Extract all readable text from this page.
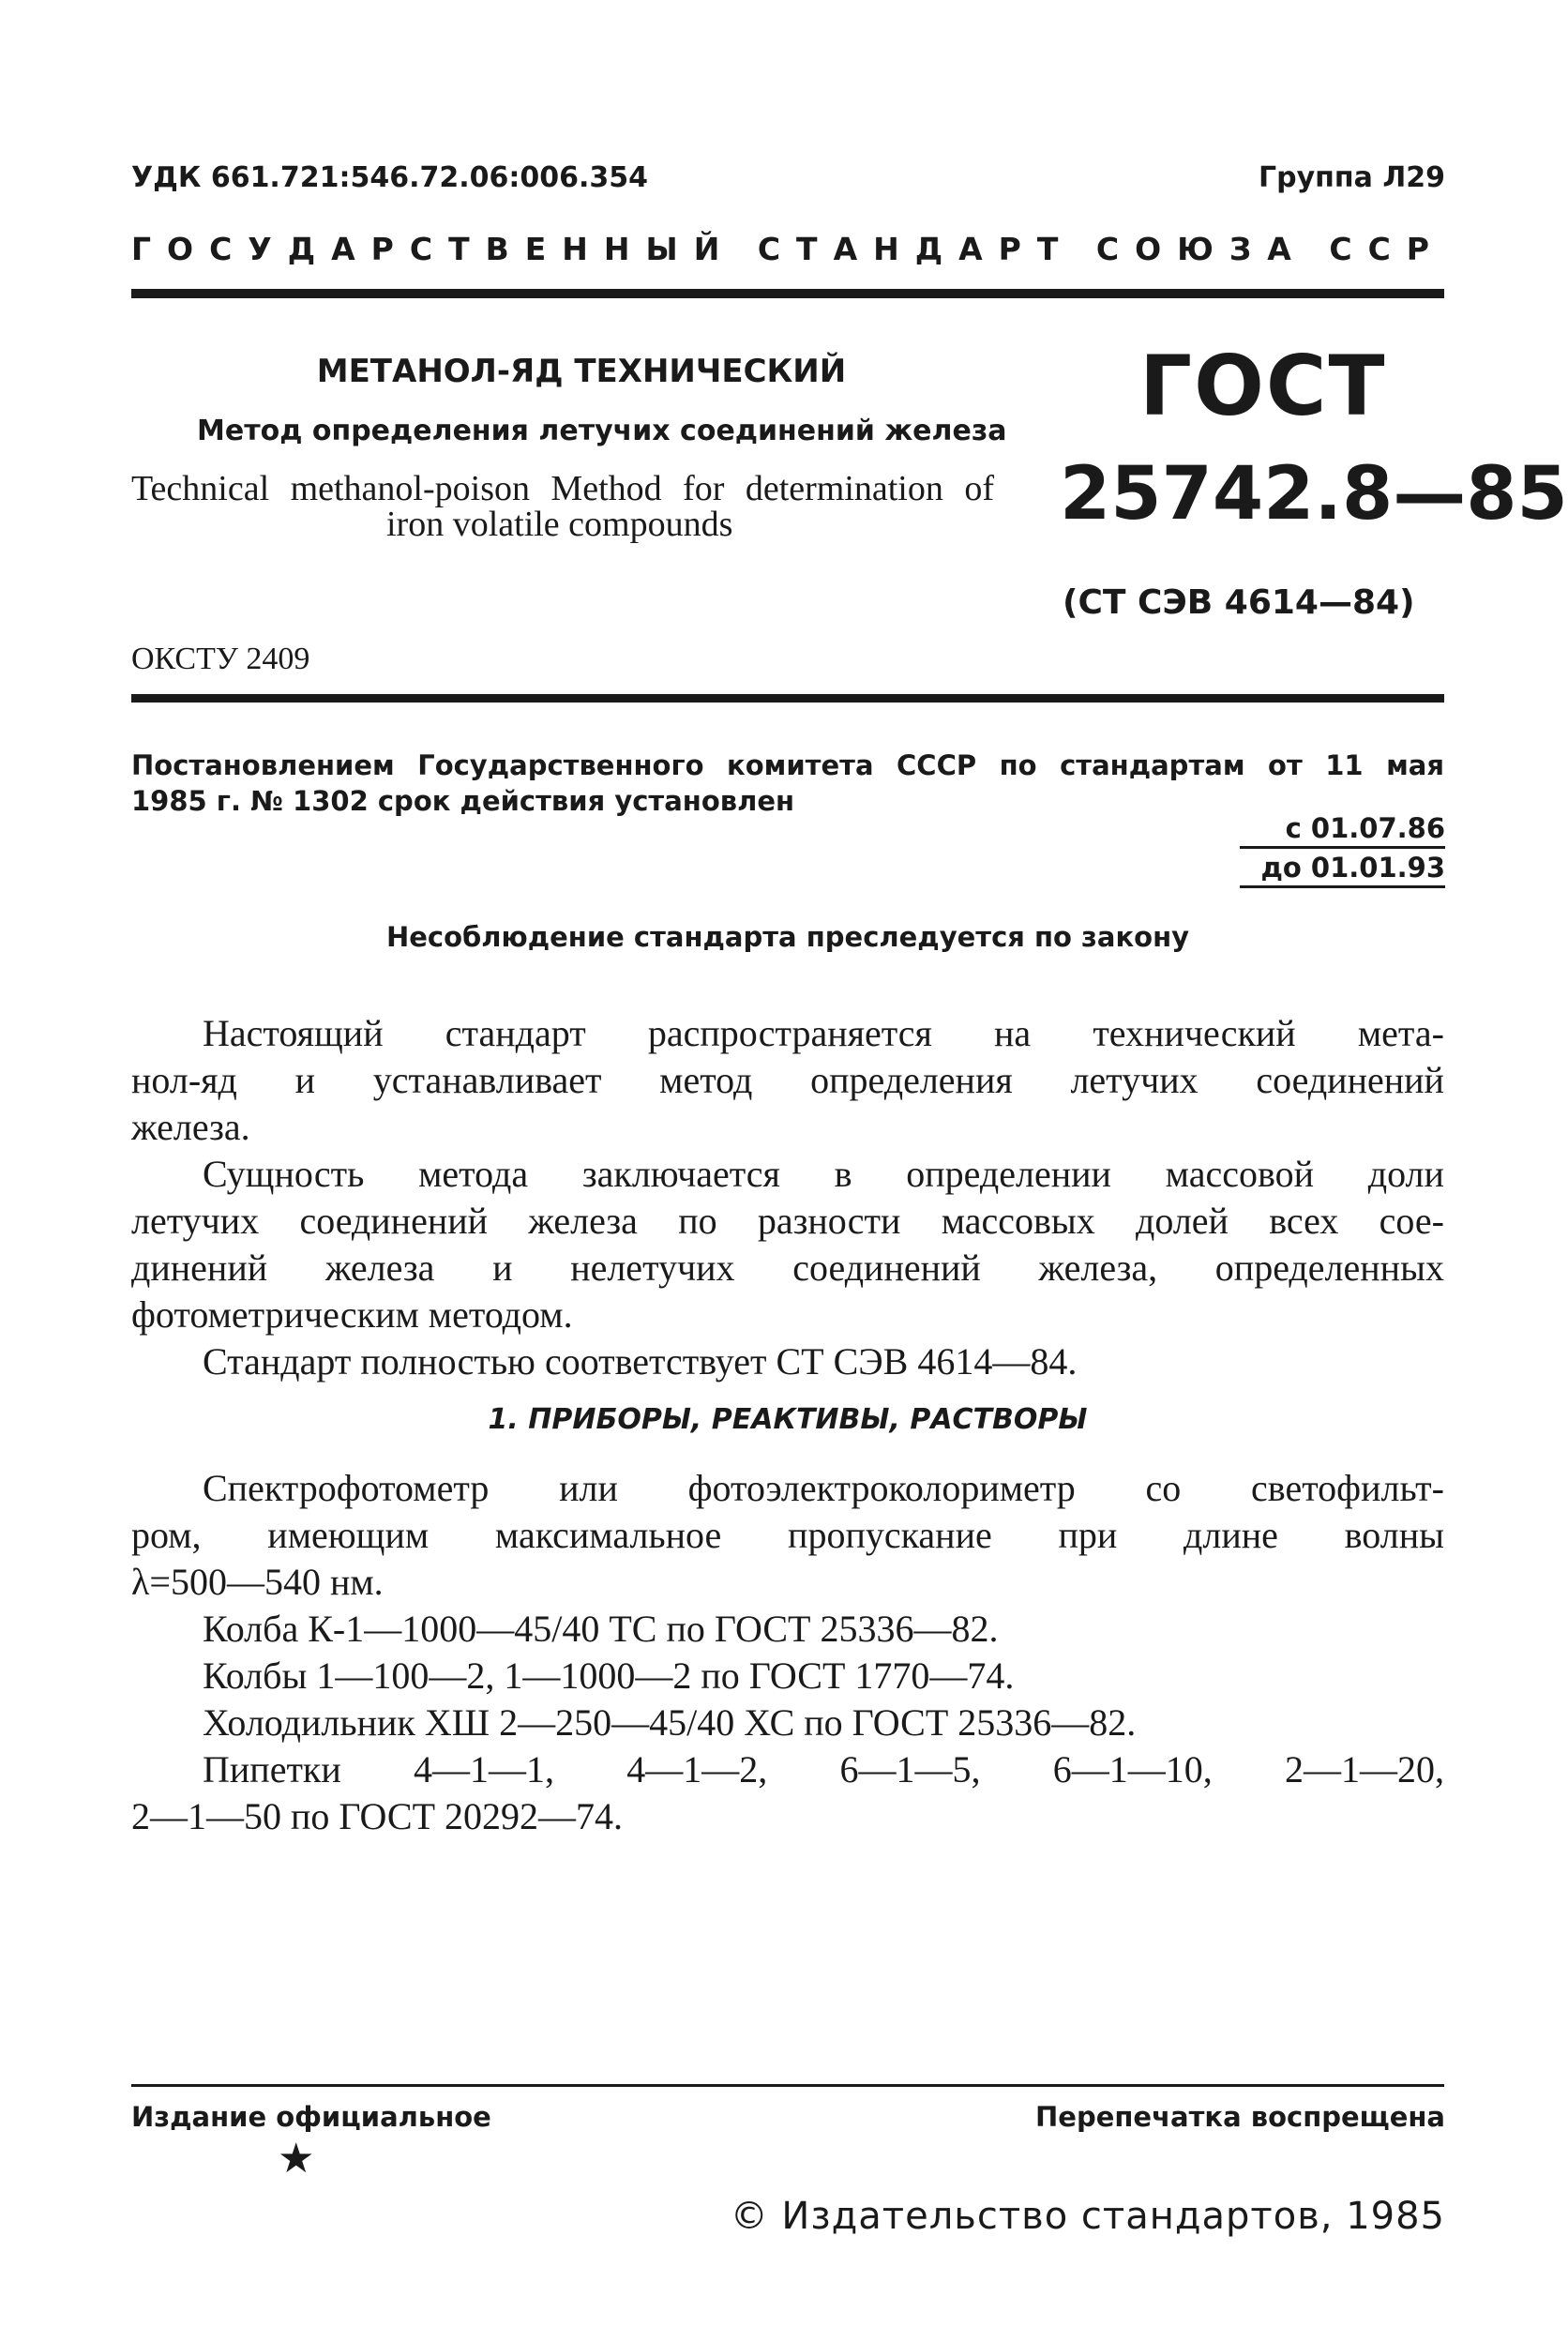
УДК 661.721:546.72.06:006.354	Группа Л29
ГОСУДАРСТВЕННЫЙ СТАНДАРТ СОЮЗА ССР
МЕТАНОЛ-ЯД ТЕХНИЧЕСКИЙ
Метод определения летучих соединений железа
Technical methanol-poison Method for determination of
iron volatile compounds
ГОСТ
25742.8—85
(СТ СЭВ 4614—84)
ОКСТУ 2409
Постановлением Государственного комитета СССР по стандартам от 11 мая
1985 г. № 1302 срок действия установлен
с 01.07.86
до 01.01.93
Несоблюдение стандарта преследуется по закону
Настоящий стандарт распространяется на технический мета-
нол-яд и устанавливает метод определения летучих соединений
железа.
Сущность метода заключается в определении массовой доли
летучих соединений железа по разности массовых долей всех сое-
динений железа и нелетучих соединений железа, определенных
фотометрическим методом.
Стандарт полностью соответствует СТ СЭВ 4614—84.
1. ПРИБОРЫ, РЕАКТИВЫ, РАСТВОРЫ
Спектрофотометр или фотоэлектроколориметр со светофильт-
ром, имеющим максимальное пропускание при длине волны
λ=500—540 нм.
Колба К-1—1000—45/40 ТС по ГОСТ 25336—82.
Колбы 1—100—2, 1—1000—2 по ГОСТ 1770—74.
Холодильник ХШ 2—250—45/40 ХС по ГОСТ 25336—82.
Пипетки 4—1—1, 4—1—2, 6—1—5, 6—1—10, 2—1—20,
2—1—50 по ГОСТ 20292—74.
Издание официальное	Перепечатка воспрещена
★
© Издательство стандартов, 1985
